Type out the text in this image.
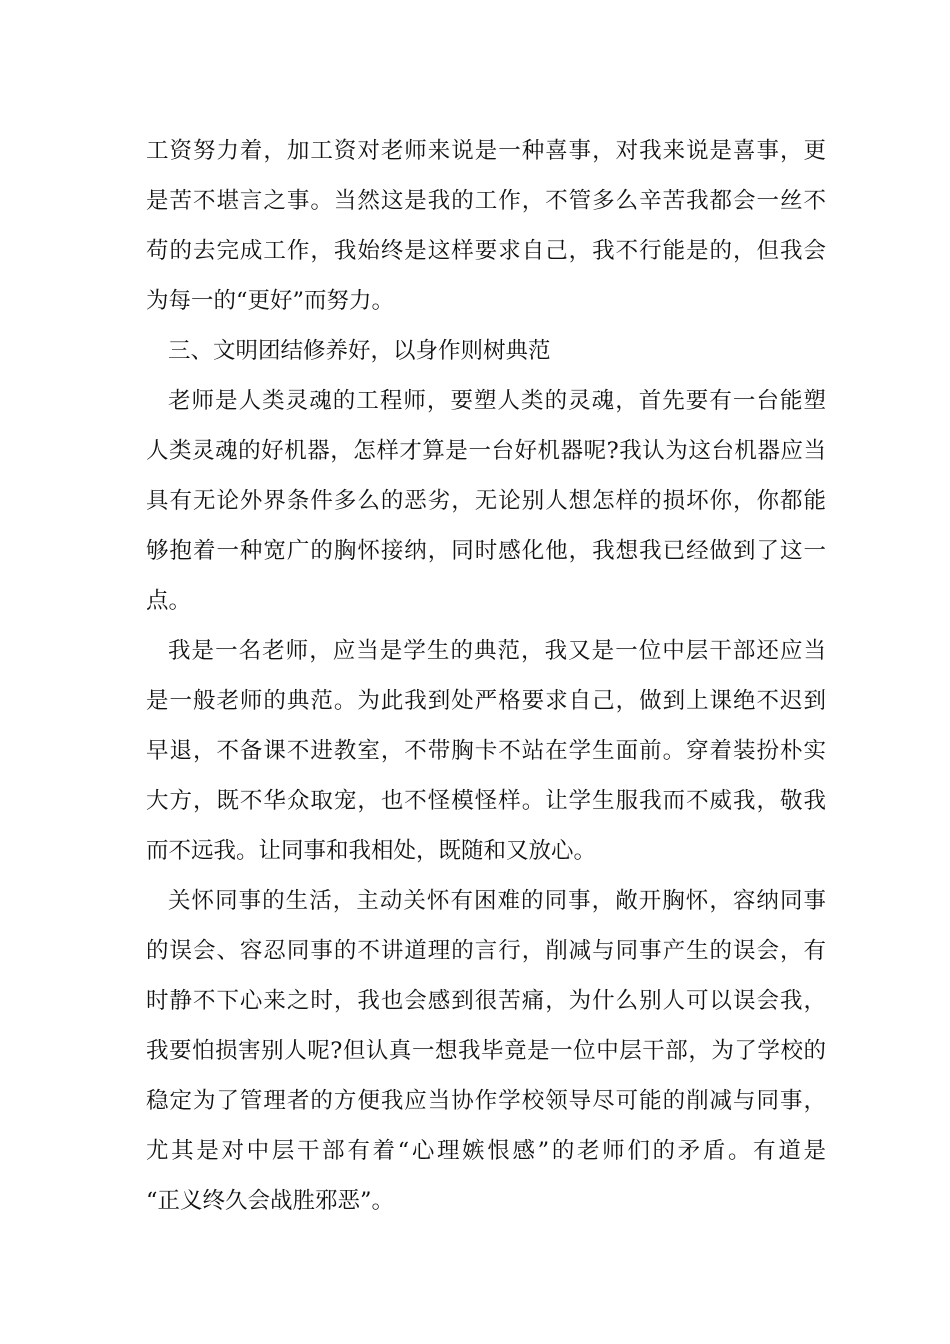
工资努力着，加工资对老师来说是一种喜事，对我来说是喜事，更
是苦不堪言之事。当然这是我的工作，不管多么辛苦我都会一丝不
苟的去完成工作，我始终是这样要求自己，我不行能是的，但我会
为每一的“更好”而努力。
三、文明团结修养好，以身作则树典范
老师是人类灵魂的工程师，要塑人类的灵魂，首先要有一台能塑
人类灵魂的好机器，怎样才算是一台好机器呢?我认为这台机器应当
具有无论外界条件多么的恶劣，无论别人想怎样的损坏你，你都能
够抱着一种宽广的胸怀接纳，同时感化他，我想我已经做到了这一
点。
我是一名老师，应当是学生的典范，我又是一位中层干部还应当
是一般老师的典范。为此我到处严格要求自己，做到上课绝不迟到
早退，不备课不进教室，不带胸卡不站在学生面前。穿着装扮朴实
大方，既不华众取宠，也不怪模怪样。让学生服我而不威我，敬我
而不远我。让同事和我相处，既随和又放心。
关怀同事的生活，主动关怀有困难的同事，敞开胸怀，容纳同事
的误会、容忍同事的不讲道理的言行，削减与同事产生的误会，有
时静不下心来之时，我也会感到很苦痛，为什么别人可以误会我，
我要怕损害别人呢?但认真一想我毕竟是一位中层干部，为了学校的
稳定为了管理者的方便我应当协作学校领导尽可能的削减与同事，
尤其是对中层干部有着“心理嫉恨感”的老师们的矛盾。有道是
“正义终久会战胜邪恶”。
